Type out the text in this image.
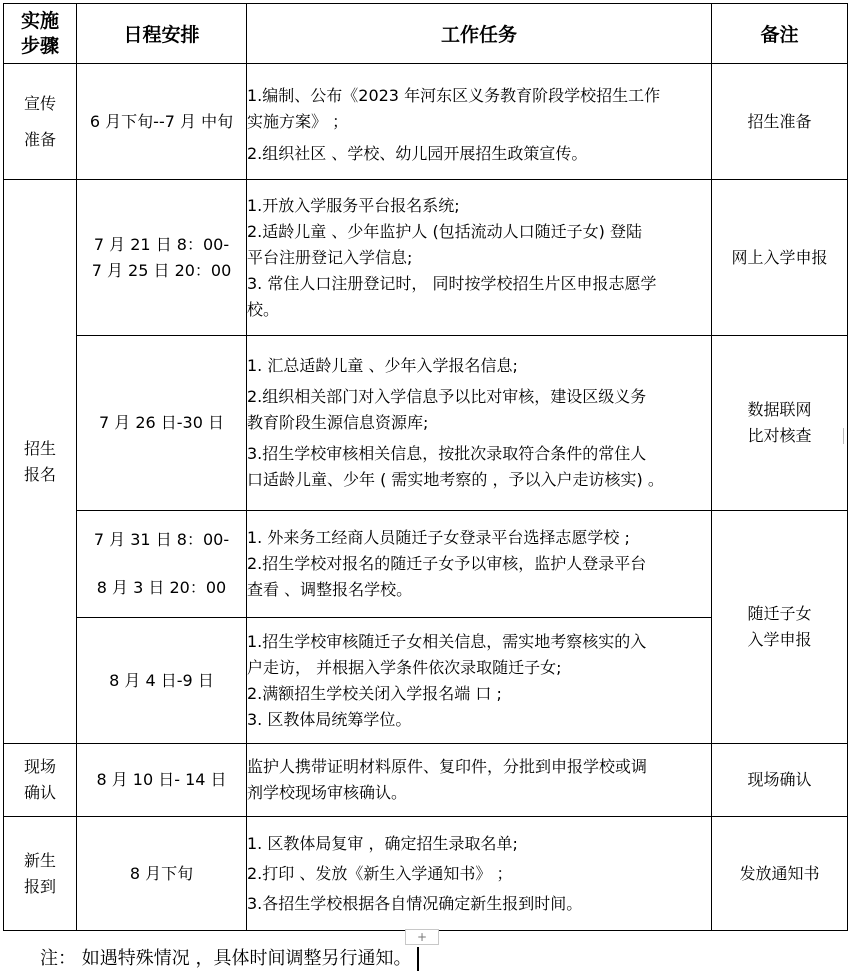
实施
步骤	日程安排	工作任务	备注

宣传
准备	6 月下旬--7 月 中旬	1.编制、公布《2023 年河东区义务教育阶段学校招生工作
实施方案》 ；
2.组织社区 、学校、幼儿园开展招生政策宣传。	招生准备

招生
报名	7 月 21 日 8：00-
7 月 25 日 20：00	1.开放入学服务平台报名系统;
2.适龄儿童 、少年监护人 (包括流动人口随迁子女) 登陆
平台注册登记入学信息;
3. 常住人口注册登记时， 同时按学校招生片区申报志愿学
校。	网上入学申报

	7 月 26 日-30 日	1. 汇总适龄儿童 、少年入学报名信息;
2.组织相关部门对入学信息予以比对审核，建设区级义务
教育阶段生源信息资源库;
3.招生学校审核相关信息，按批次录取符合条件的常住人
口适龄儿童、少年 ( 需实地考察的 ，予以入户走访核实) 。	数据联网
比对核查

	7 月 31 日 8：00-
8 月 3 日 20：00	1. 外来务工经商人员随迁子女登录平台选择志愿学校 ;
2.招生学校对报名的随迁子女予以审核，监护人登录平台
查看 、调整报名学校。	随迁子女
入学申报

	8 月 4 日-9 日	1.招生学校审核随迁子女相关信息，需实地考察核实的入
户走访， 并根据入学条件依次录取随迁子女;
2.满额招生学校关闭入学报名端 口 ;
3. 区教体局统筹学位。	

现场
确认	8 月 10 日- 14 日	监护人携带证明材料原件、复印件，分批到申报学校或调
剂学校现场审核确认。	现场确认

新生
报到	8 月下旬	1. 区教体局复审 ，确定招生录取名单;
2.打印 、发放《新生入学通知书》 ；
3.各招生学校根据各自情况确定新生报到时间。	发放通知书
+
注： 如遇特殊情况 ，具体时间调整另行通知。
